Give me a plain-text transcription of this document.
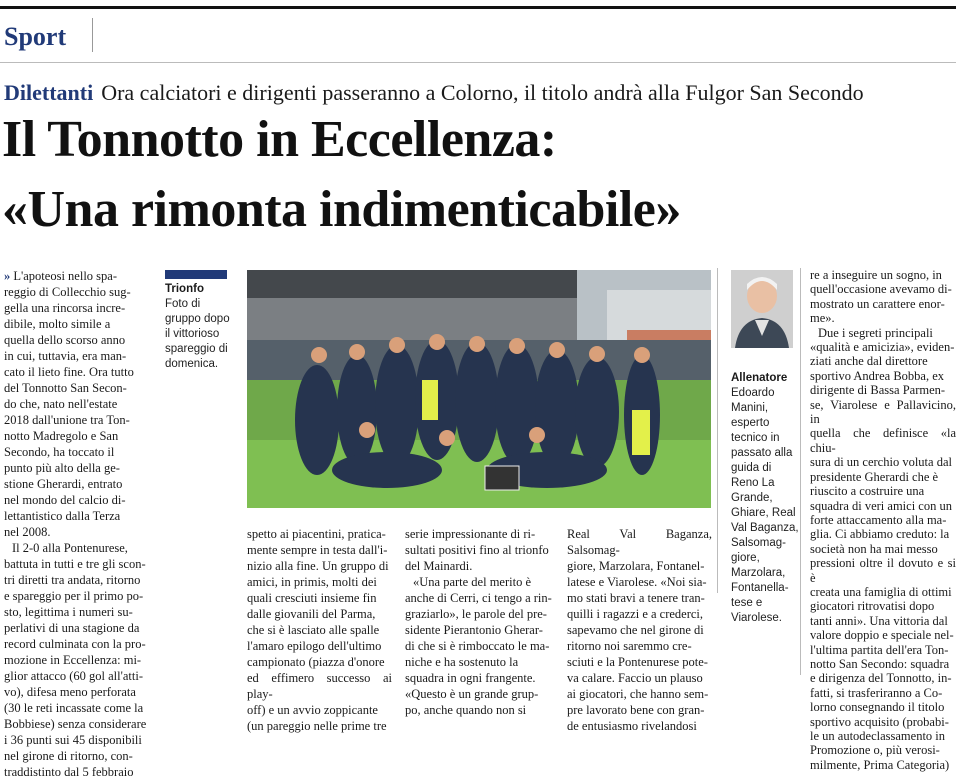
Sport
Dilettanti Ora calciatori e dirigenti passeranno a Colorno, il titolo andrà alla Fulgor San Secondo
Il Tonnotto in Eccellenza:
«Una rimonta indimenticabile»
» L'apoteosi nello spa-
reggio di Collecchio sug-
gella una rincorsa incre-
dibile, molto simile a
quella dello scorso anno
in cui, tuttavia, era man-
cato il lieto fine. Ora tutto
del Tonnotto San Secon-
do che, nato nell'estate
2018 dall'unione tra Ton-
notto Madregolo e San
Secondo, ha toccato il
punto più alto della ge-
stione Gherardi, entrato
nel mondo del calcio di-
lettantistico dalla Terza
nel 2008.
Il 2-0 alla Pontenurese,
battuta in tutti e tre gli scon-
tri diretti tra andata, ritorno
e spareggio per il primo po-
sto, legittima i numeri su-
perlativi di una stagione da
record culminata con la pro-
mozione in Eccellenza: mi-
glior attacco (60 gol all'atti-
vo), difesa meno perforata
(30 le reti incassate come la
Bobbiese) senza considerare
i 36 punti sui 45 disponibili
nel girone di ritorno, con-
traddistinto dal 5 febbraio
Trionfo
Foto di
gruppo dopo
il vittorioso
spareggio di
domenica.
Allenatore
Edoardo
Manini,
esperto
tecnico in
passato alla
guida di
Reno La
Grande,
Ghiare, Real
Val Baganza,
Salsomag-
giore,
Marzolara,
Fontanella-
tese e
Viarolese.
spetto ai piacentini, pratica-
mente sempre in testa dall'i-
nizio alla fine. Un gruppo di
amici, in primis, molti dei
quali cresciuti insieme fin
dalle giovanili del Parma,
che si è lasciato alle spalle
l'amaro epilogo dell'ultimo
campionato (piazza d'onore
ed effimero successo ai play-
off) e un avvio zoppicante
(un pareggio nelle prime tre
serie impressionante di ri-
sultati positivi fino al trionfo
del Mainardi.
«Una parte del merito è
anche di Cerri, ci tengo a rin-
graziarlo», le parole del pre-
sidente Pierantonio Gherar-
di che si è rimboccato le ma-
niche e ha sostenuto la
squadra in ogni frangente.
«Questo è un grande grup-
po, anche quando non si
Real Val Baganza, Salsomag-
giore, Marzolara, Fontanel-
latese e Viarolese. «Noi sia-
mo stati bravi a tenere tran-
quilli i ragazzi e a crederci,
sapevamo che nel girone di
ritorno noi saremmo cre-
sciuti e la Pontenurese pote-
va calare. Faccio un plauso
ai giocatori, che hanno sem-
pre lavorato bene con gran-
de entusiasmo rivelandosi
re a inseguire un sogno, in
quell'occasione avevamo di-
mostrato un carattere enor-
me».
Due i segreti principali
«qualità e amicizia», eviden-
ziati anche dal direttore
sportivo Andrea Bobba, ex
dirigente di Bassa Parmen-
se, Viarolese e Pallavicino, in
quella che definisce «la chiu-
sura di un cerchio voluta dal
presidente Gherardi che è
riuscito a costruire una
squadra di veri amici con un
forte attaccamento alla ma-
glia. Ci abbiamo creduto: la
società non ha mai messo
pressioni oltre il dovuto e si è
creata una famiglia di ottimi
giocatori ritrovatisi dopo
tanti anni». Una vittoria dal
valore doppio e speciale nel-
l'ultima partita dell'era Ton-
notto San Secondo: squadra
e dirigenza del Tonnotto, in-
fatti, si trasferiranno a Co-
lorno consegnando il titolo
sportivo acquisito (probabi-
le un autodeclassamento in
Promozione o, più verosi-
milmente, Prima Categoria)
